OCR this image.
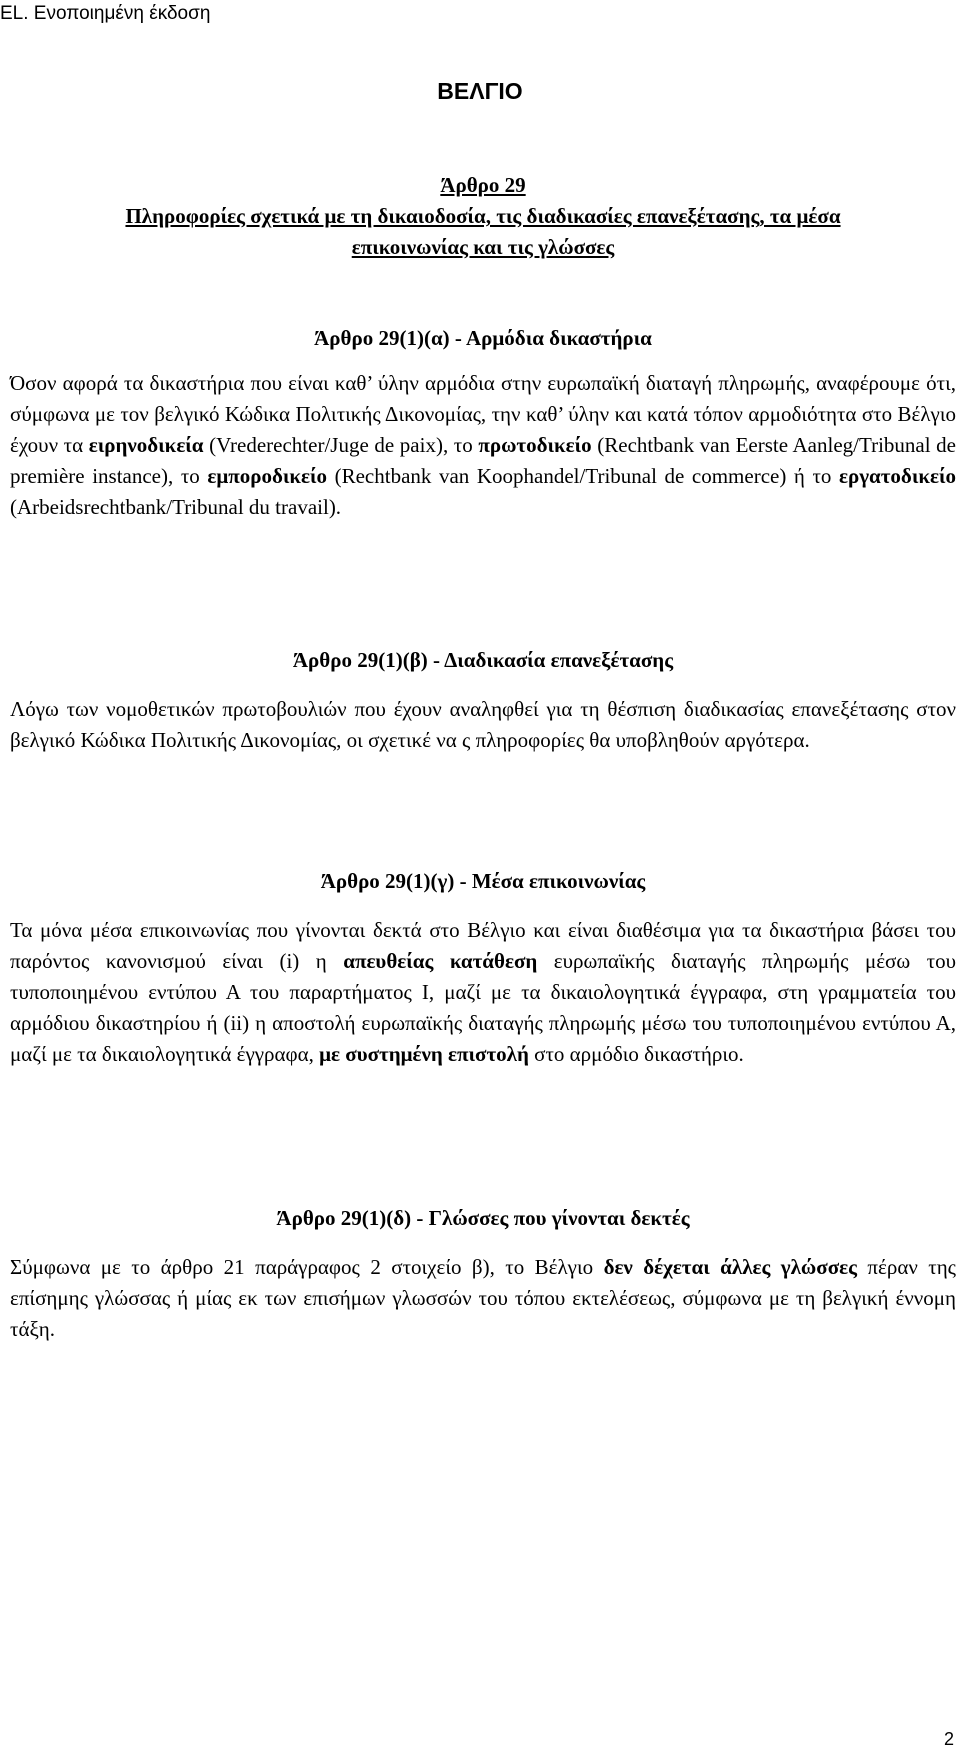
EL. Ενοποιημένη έκδοση
ΒΕΛΓΙΟ
Άρθρο 29
Πληροφορίες σχετικά με τη δικαιοδοσία, τις διαδικασίες επανεξέτασης, τα μέσα
επικοινωνίας και τις γλώσσες
Άρθρο 29(1)(α) - Αρμόδια δικαστήρια

Όσον αφορά τα δικαστήρια που είναι καθ’ ύλην αρμόδια στην ευρωπαϊκή διαταγή πληρωμής, αναφέρουμε ότι, σύμφωνα με τον βελγικό Κώδικα Πολιτικής Δικονομίας, την καθ’ ύλην και κατά τόπον αρμοδιότητα στο Βέλγιο έχουν τα ειρηνοδικεία (Vrederechter/Juge de paix), το πρωτοδικείο (Rechtbank van Eerste Aanleg/Tribunal de première instance), το εμποροδικείο (Rechtbank van Koophandel/Tribunal de commerce) ή το εργατοδικείο (Arbeidsrechtbank/Tribunal du travail).

Άρθρο 29(1)(β) - Διαδικασία επανεξέτασης

Λόγω των νομοθετικών πρωτοβουλιών που έχουν αναληφθεί για τη θέσπιση διαδικασίας επανεξέτασης στον βελγικό Κώδικα Πολιτικής Δικονομίας, οι σχετικέ να ς πληροφορίες θα υποβληθούν αργότερα.

Άρθρο 29(1)(γ) - Μέσα επικοινωνίας

Τα μόνα μέσα επικοινωνίας που γίνονται δεκτά στο Βέλγιο και είναι διαθέσιμα για τα δικαστήρια βάσει του παρόντος κανονισμού είναι (i) η απευθείας κατάθεση ευρωπαϊκής διαταγής πληρωμής μέσω του τυποποιημένου εντύπου Α του παραρτήματος Ι, μαζί με τα δικαιολογητικά έγγραφα, στη γραμματεία του αρμόδιου δικαστηρίου ή (ii) η αποστολή ευρωπαϊκής διαταγής πληρωμής μέσω του τυποποιημένου εντύπου Α, μαζί με τα δικαιολογητικά έγγραφα, με συστημένη επιστολή στο αρμόδιο δικαστήριο.

Άρθρο 29(1)(δ) - Γλώσσες που γίνονται δεκτές

Σύμφωνα με το άρθρο 21 παράγραφος 2 στοιχείο β), το Βέλγιο δεν δέχεται άλλες γλώσσες πέραν της επίσημης γλώσσας ή μίας εκ των επισήμων γλωσσών του τόπου εκτελέσεως, σύμφωνα με τη βελγική έννομη τάξη.

2
